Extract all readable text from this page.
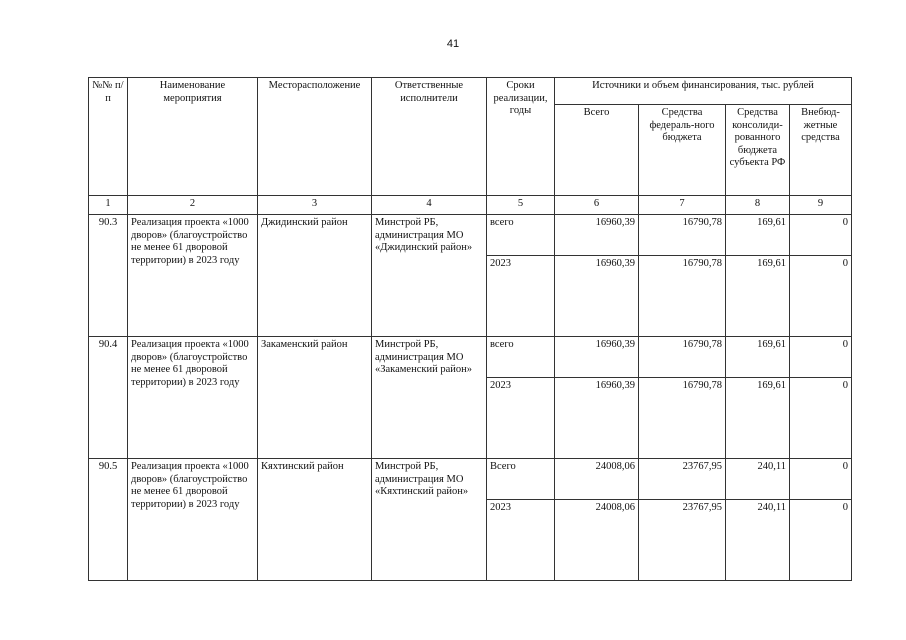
41
№№ п/п	Наименование мероприятия	Месторасположение	Ответственные исполнители	Сроки реализации, годы	Источники и объем финансирования, тыс. рублей			
					Всего	Средства федераль-ного бюджета	Средства консолиди-рованного бюджета субъекта РФ	Внебюд-жетные средства
1	2	3	4	5	6	7	8	9
90.3	Реализация проекта «1000 дворов» (благоустройство не менее 61 дворовой территории) в 2023 году	Джидинский район	Минстрой РБ, администрация МО «Джидинский район»	всего	16960,39	16790,78	169,61	0
				2023	16960,39	16790,78	169,61	0
90.4	Реализация проекта «1000 дворов» (благоустройство не менее 61 дворовой территории) в 2023 году	Закаменский район	Минстрой РБ, администрация МО «Закаменский район»	всего	16960,39	16790,78	169,61	0
				2023	16960,39	16790,78	169,61	0
90.5	Реализация проекта «1000 дворов» (благоустройство не менее 61 дворовой территории) в 2023 году	Кяхтинский район	Минстрой РБ, администрация МО «Кяхтинский район»	Всего	24008,06	23767,95	240,11	0
				2023	24008,06	23767,95	240,11	0
